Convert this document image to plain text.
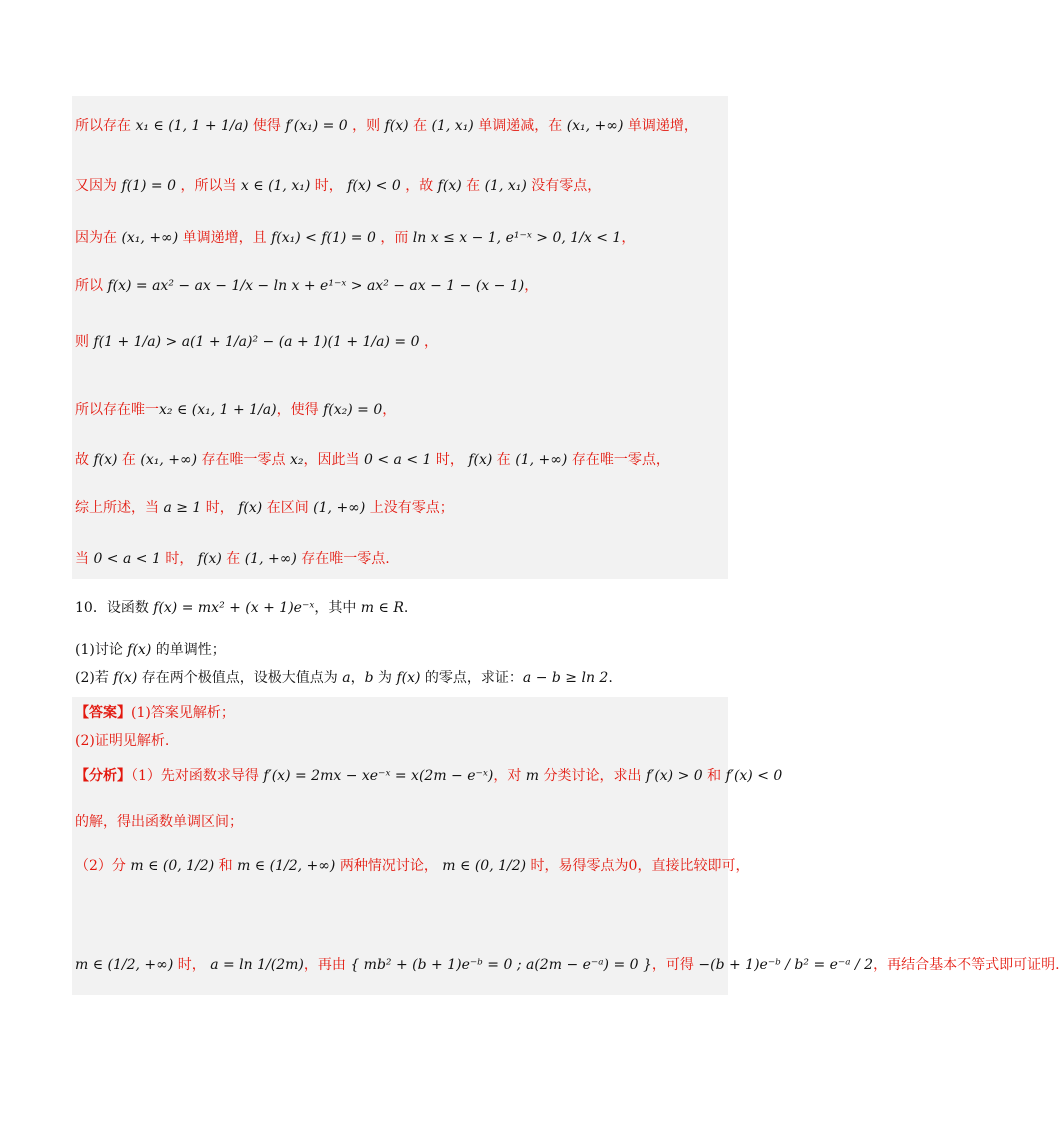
所以存在 x₁ ∈ (1, 1 + 1/a) 使得 f′(x₁) = 0 ，则 f(x) 在 (1, x₁) 单调递减，在 (x₁, +∞) 单调递增，
又因为 f(1) = 0 ，所以当 x ∈ (1, x₁) 时， f(x) < 0 ，故 f(x) 在 (1, x₁) 没有零点，
因为在 (x₁, +∞) 单调递增，且 f(x₁) < f(1) = 0 ，而 ln x ≤ x − 1, e¹⁻ˣ > 0, 1/x < 1，
所以 f(x) = ax² − ax − 1/x − ln x + e¹⁻ˣ > ax² − ax − 1 − (x − 1)，
则 f(1 + 1/a) > a(1 + 1/a)² − (a + 1)(1 + 1/a) = 0 ，
所以存在唯一x₂ ∈ (x₁, 1 + 1/a)，使得 f(x₂) = 0，
故 f(x) 在 (x₁, +∞) 存在唯一零点 x₂，因此当 0 < a < 1 时， f(x) 在 (1, +∞) 存在唯一零点，
综上所述，当 a ≥ 1 时， f(x) 在区间 (1, +∞) 上没有零点；
当 0 < a < 1 时， f(x) 在 (1, +∞) 存在唯一零点.
10．设函数 f(x) = mx² + (x + 1)e⁻ˣ，其中 m ∈ R.
(1)讨论 f(x) 的单调性；
(2)若 f(x) 存在两个极值点，设极大值点为 a，b 为 f(x) 的零点，求证：a − b ≥ ln 2.
【答案】(1)答案见解析；
(2)证明见解析.
【分析】（1）先对函数求导得 f′(x) = 2mx − xe⁻ˣ = x(2m − e⁻ˣ)，对 m 分类讨论，求出 f′(x) > 0 和 f′(x) < 0
的解，得出函数单调区间；
（2）分 m ∈ (0, 1/2) 和 m ∈ (1/2, +∞) 两种情况讨论， m ∈ (0, 1/2) 时，易得零点为0，直接比较即可，
m ∈ (1/2, +∞) 时， a = ln 1/(2m)，再由 { mb² + (b + 1)e⁻ᵇ = 0 ; a(2m − e⁻ᵃ) = 0 }，可得 −(b + 1)e⁻ᵇ / b² = e⁻ᵃ / 2，再结合基本不等式即可证明.
